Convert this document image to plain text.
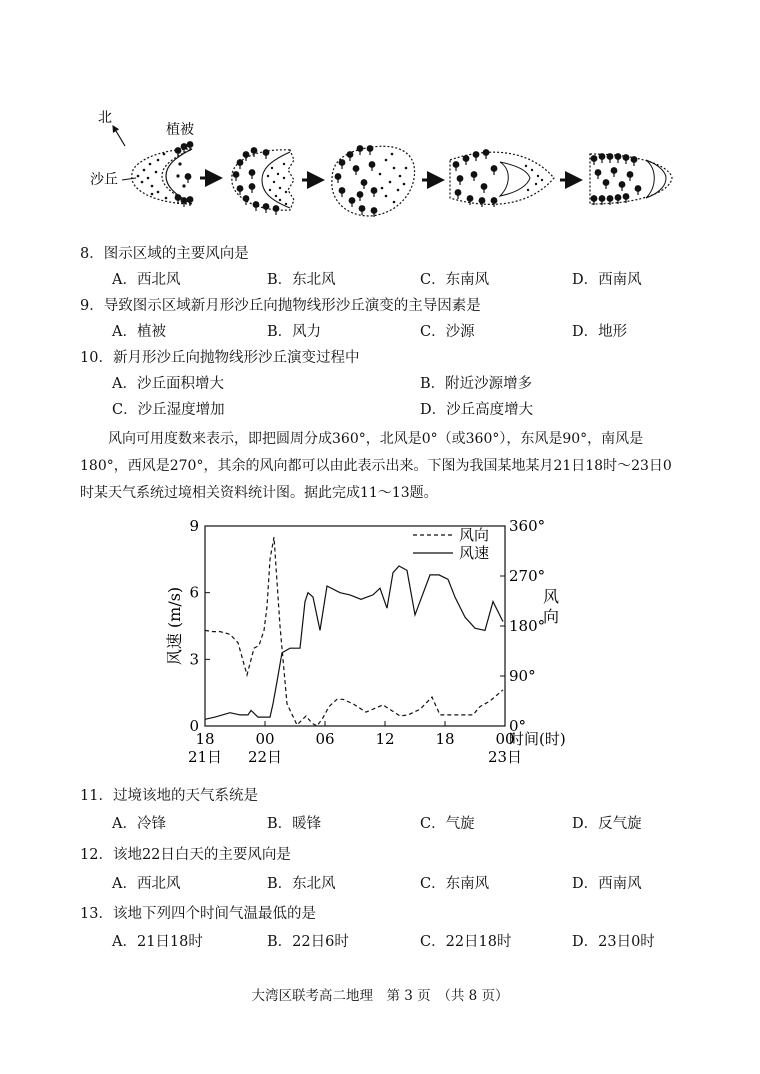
北
植被
沙丘
8．图示区域的主要风向是
A．西北风	B．东北风	C．东南风	D．西南风
9．导致图示区域新月形沙丘向抛物线形沙丘演变的主导因素是
A．植被	B．风力	C．沙源	D．地形
10．新月形沙丘向抛物线形沙丘演变过程中
A．沙丘面积增大	B．附近沙源增多
C．沙丘湿度增加	D．沙丘高度增大
风向可用度数来表示，即把圆周分成360°，北风是0°（或360°），东风是90°，南风是180°，西风是270°，其余的风向都可以由此表示出来。下图为我国某地某月21日18时～23日0时某天气系统过境相关资料统计图。据此完成11～13题。
0
3
6
9
0°
90°
180°
270°
360°
18	00	06	12	18	00
21日 22日	23日
时间(时)
风速 (m/s)	风
向
风向
风速
11．过境该地的天气系统是
A．冷锋	B．暖锋	C．气旋	D．反气旋
12．该地22日白天的主要风向是
A．西北风	B．东北风	C．东南风	D．西南风
13．该地下列四个时间气温最低的是
A．21日18时	B．22日6时	C．22日18时	D．23日0时
大湾区联考高二地理　第 3 页　（共 8 页）
